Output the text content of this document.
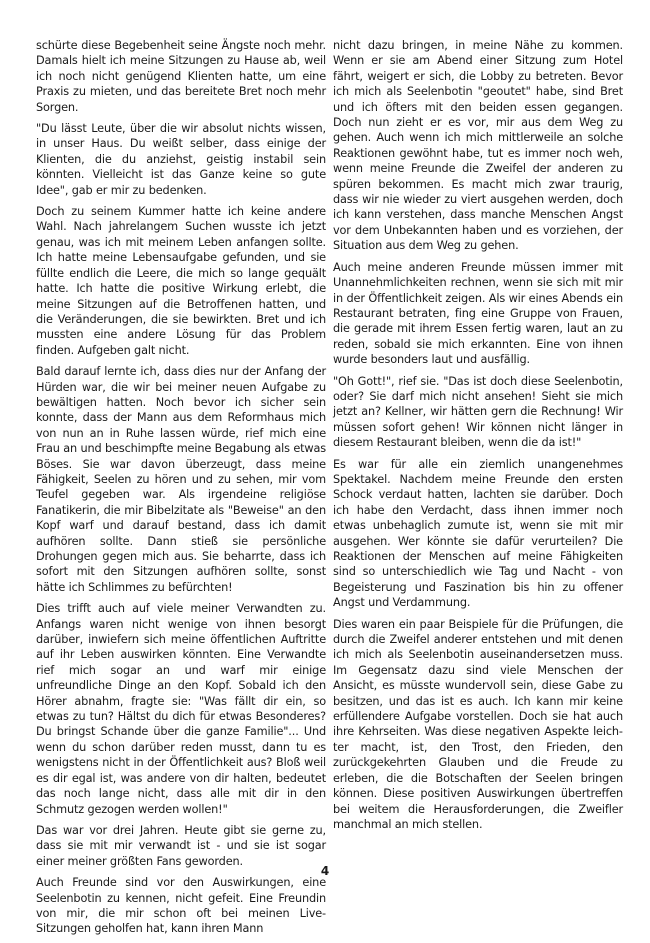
schürte diese Begebenheit seine Ängste noch mehr. Damals hielt ich meine Sitzungen zu Hause ab, weil ich noch nicht genügend Klienten hatte, um eine Praxis zu mieten, und das bereitete Bret noch mehr Sorgen.

"Du lässt Leute, über die wir absolut nichts wissen, in unser Haus. Du weißt selber, dass einige der Klienten, die du anziehst, geistig instabil sein könnten. Vielleicht ist das Ganze keine so gute Idee", gab er mir zu bedenken.

Doch zu seinem Kummer hatte ich keine andere Wahl. Nach jahrelangem Suchen wusste ich jetzt genau, was ich mit meinem Leben anfangen sollte. Ich hatte meine Lebensaufgabe gefunden, und sie füllte endlich die Leere, die mich so lange gequält hatte. Ich hatte die positive Wirkung erlebt, die meine Sitzungen auf die Betroffenen hatten, und die Veränderungen, die sie bewirkten. Bret und ich mussten eine andere Lösung für das Problem finden. Aufgeben galt nicht.

Bald darauf lernte ich, dass dies nur der Anfang der Hürden war, die wir bei meiner neuen Aufgabe zu bewältigen hatten. Noch bevor ich sicher sein konnte, dass der Mann aus dem Reformhaus mich von nun an in Ruhe lassen würde, rief mich eine Frau an und beschimpfte meine Begabung als etwas Böses. Sie war davon überzeugt, dass meine Fähigkeit, Seelen zu hören und zu sehen, mir vom Teufel gegeben war. Als irgendeine religiöse Fanatikerin, die mir Bibelzitate als "Beweise" an den Kopf warf und darauf bestand, dass ich damit aufhören sollte. Dann stieß sie persönliche Drohungen gegen mich aus. Sie beharrte, dass ich sofort mit den Sitzungen aufhören sollte, sonst hätte ich Schlimmes zu befürchten!

Dies trifft auch auf viele meiner Verwandten zu. Anfangs waren nicht wenige von ihnen besorgt darüber, inwiefern sich meine öffentlichen Auftritte auf ihr Leben auswirken könnten. Eine Verwandte rief mich sogar an und warf mir einige unfreundliche Dinge an den Kopf. Sobald ich den Hörer abnahm, fragte sie: "Was fällt dir ein, so etwas zu tun? Hältst du dich für etwas Besonderes? Du bringst Schande über die ganze Familie"... Und wenn du schon darüber reden musst, dann tu es wenigstens nicht in der Öffentlichkeit aus? Bloß weil es dir egal ist, was andere von dir halten, bedeutet das noch lange nicht, dass alle mit dir in den Schmutz gezogen werden wollen!"

Das war vor drei Jahren. Heute gibt sie gerne zu, dass sie mit mir verwandt ist - und sie ist sogar einer meiner größten Fans geworden.

Auch Freunde sind vor den Auswirkungen, eine Seelenbotin zu kennen, nicht gefeit. Eine Freundin von mir, die mir schon oft bei meinen Live-Sitzungen geholfen hat, kann ihren Mann

nicht dazu bringen, in meine Nähe zu kommen. Wenn er sie am Abend einer Sitzung zum Hotel fährt, weigert er sich, die Lobby zu betreten. Bevor ich mich als Seelenbotin "geoutet" habe, sind Bret und ich öfters mit den beiden essen gegangen. Doch nun zieht er es vor, mir aus dem Weg zu gehen. Auch wenn ich mich mittlerweile an solche Reaktionen gewöhnt habe, tut es immer noch weh, wenn meine Freunde die Zweifel der anderen zu spüren bekommen. Es macht mich zwar traurig, dass wir nie wieder zu viert ausgehen werden, doch ich kann verstehen, dass manche Menschen Angst vor dem Unbekannten haben und es vorziehen, der Situation aus dem Weg zu gehen.

Auch meine anderen Freunde müssen immer mit Unannehmlichkeiten rechnen, wenn sie sich mit mir in der Öffentlichkeit zeigen. Als wir eines Abends ein Restaurant betraten, fing eine Gruppe von Frauen, die gerade mit ihrem Essen fertig waren, laut an zu reden, sobald sie mich erkannten. Eine von ihnen wurde besonders laut und ausfällig.

"Oh Gott!", rief sie. "Das ist doch diese Seelenbotin, oder? Sie darf mich nicht ansehen! Sieht sie mich jetzt an? Kellner, wir hätten gern die Rechnung! Wir müssen sofort gehen! Wir können nicht länger in diesem Restaurant bleiben, wenn die da ist!"

Es war für alle ein ziemlich unangenehmes Spektakel. Nachdem meine Freunde den ersten Schock verdaut hatten, lachten sie darüber. Doch ich habe den Verdacht, dass ihnen immer noch etwas unbehaglich zumute ist, wenn sie mit mir ausgehen. Wer könnte sie dafür verurteilen? Die Reaktionen der Menschen auf meine Fähigkeiten sind so unterschiedlich wie Tag und Nacht - von Begeisterung und Faszination bis hin zu offener Angst und Verdammung.

Dies waren ein paar Beispiele für die Prüfungen, die durch die Zweifel anderer entstehen und mit denen ich mich als Seelenbotin auseinandersetzen muss. Im Gegensatz dazu sind viele Menschen der Ansicht, es müsste wundervoll sein, diese Gabe zu besitzen, und das ist es auch. Ich kann mir keine erfüllendere Aufgabe vorstellen. Doch sie hat auch ihre Kehrseiten. Was diese negativen Aspekte leichter macht, ist, den Trost, den Frieden, den zurückgekehrten Glauben und die Freude zu erleben, die die Botschaften der Seelen bringen können. Diese positiven Auswirkungen übertreffen bei weitem die Herausforderungen, die Zweifler manchmal an mich stellen.

4
